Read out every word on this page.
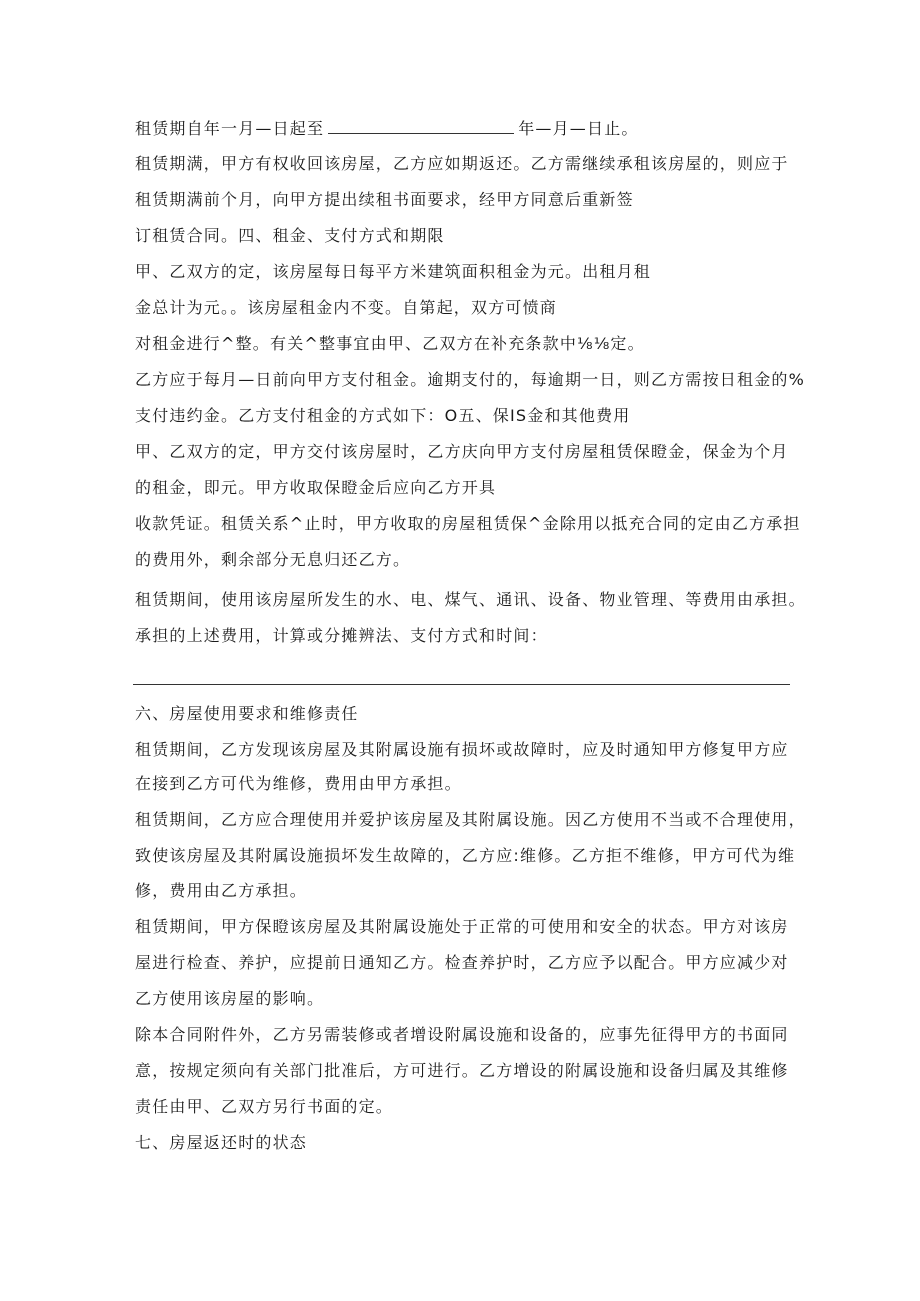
租赁期自年一月—日起至	年—月—日止。
租赁期满，甲方有权收回该房屋，乙方应如期返还。乙方需继续承租该房屋的，则应于
租赁期满前个月，向甲方提出续租书面要求，经甲方同意后重新签
订租赁合同。四、租金、支付方式和期限
甲、乙双方的定，该房屋每日每平方米建筑面积租金为元。出租月租
金总计为元。。该房屋租金内不变。自第起，双方可愤商
对租金进行^整。有关^整事宜由甲、乙双方在补充条款中⅛⅛定。
乙方应于每月—日前向甲方支付租金。逾期支付的，每逾期一日，则乙方需按日租金的%
支付违约金。乙方支付租金的方式如下：O五、保IS金和其他费用
甲、乙双方的定，甲方交付该房屋时，乙方庆向甲方支付房屋租赁保瞪金，保金为个月
的租金，即元。甲方收取保瞪金后应向乙方开具
收款凭证。租赁关系^止时，甲方收取的房屋租赁保^金除用以抵充合同的定由乙方承担
的费用外，剩余部分无息归还乙方。
租赁期间，使用该房屋所发生的水、电、煤气、通讯、设备、物业管理、等费用由承担。
承担的上述费用，计算或分摊辨法、支付方式和时间：
六、房屋使用要求和维修责任
租赁期间，乙方发现该房屋及其附属设施有损坏或故障时，应及时通知甲方修复甲方应
在接到乙方可代为维修，费用由甲方承担。
租赁期间，乙方应合理使用并爱护该房屋及其附属设施。因乙方使用不当或不合理使用，
致使该房屋及其附属设施损坏发生故障的，乙方应:维修。乙方拒不维修，甲方可代为维
修，费用由乙方承担。
租赁期间，甲方保瞪该房屋及其附属设施处于正常的可使用和安全的状态。甲方对该房
屋进行检查、养护，应提前日通知乙方。检查养护时，乙方应予以配合。甲方应减少对
乙方使用该房屋的影响。
除本合同附件外，乙方另需装修或者增设附属设施和设备的，应事先征得甲方的书面同
意，按规定须向有关部门批准后，方可进行。乙方增设的附属设施和设备归属及其维修
责任由甲、乙双方另行书面的定。
七、房屋返还时的状态
